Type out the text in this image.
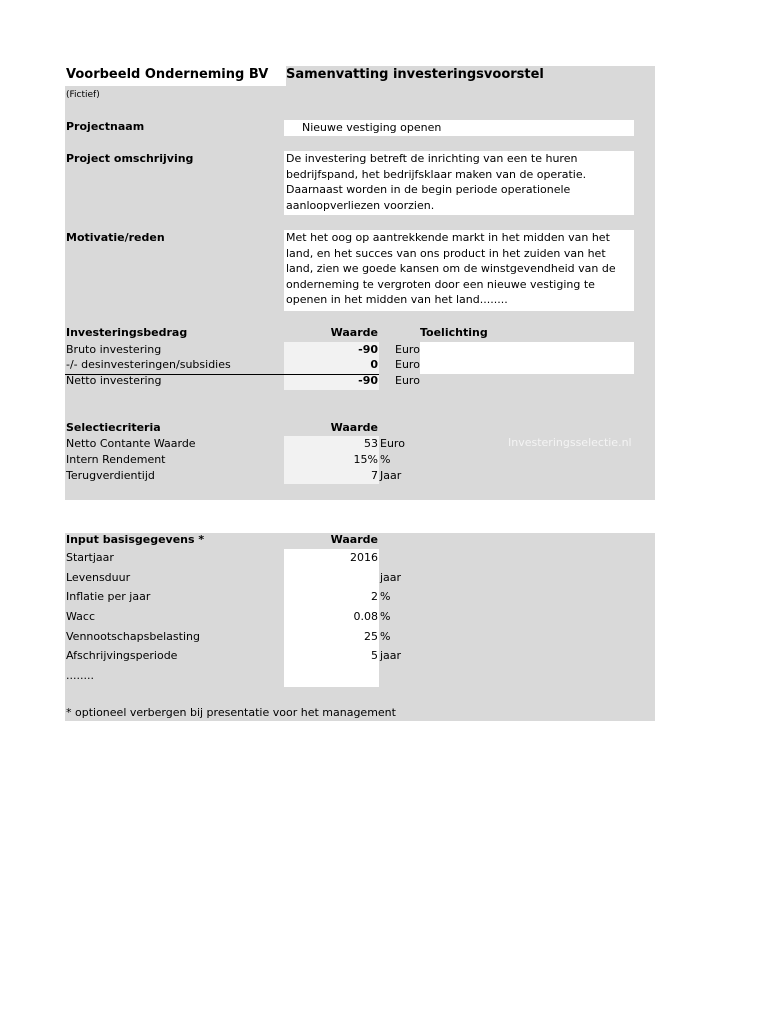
Voorbeeld Onderneming BV
(Fictief)
Samenvatting investeringsvoorstel
Projectnaam	Nieuwe vestiging openen
Project omschrijving	De investering betreft de inrichting van een te huren bedrijfspand, het bedrijfsklaar maken van de operatie. Daarnaast worden in de begin periode operationele aanloopverliezen voorzien.
Motivatie/reden	Met het oog op aantrekkende markt in het midden van het land, en het succes van ons product in het zuiden van het land, zien we goede kansen om de winstgevendheid van de onderneming te vergroten door een nieuwe vestiging te openen in het midden van het land........
Investeringsbedrag	Waarde	Toelichting
Bruto investering	-90 Euro
-/- desinvesteringen/subsidies	0 Euro
Netto investering	-90 Euro
Selectiecriteria	Waarde
Netto Contante Waarde	53 Euro
Intern Rendement	15% %
Terugverdientijd	7 Jaar
Investeringsselectie.nl
Input basisgegevens *	Waarde
Startjaar	2016
Levensduur	jaar
Inflatie per jaar	2 %
Wacc	0.08 %
Vennootschapsbelasting	25 %
Afschrijvingsperiode	5 jaar
........
* optioneel verbergen bij presentatie voor het management
